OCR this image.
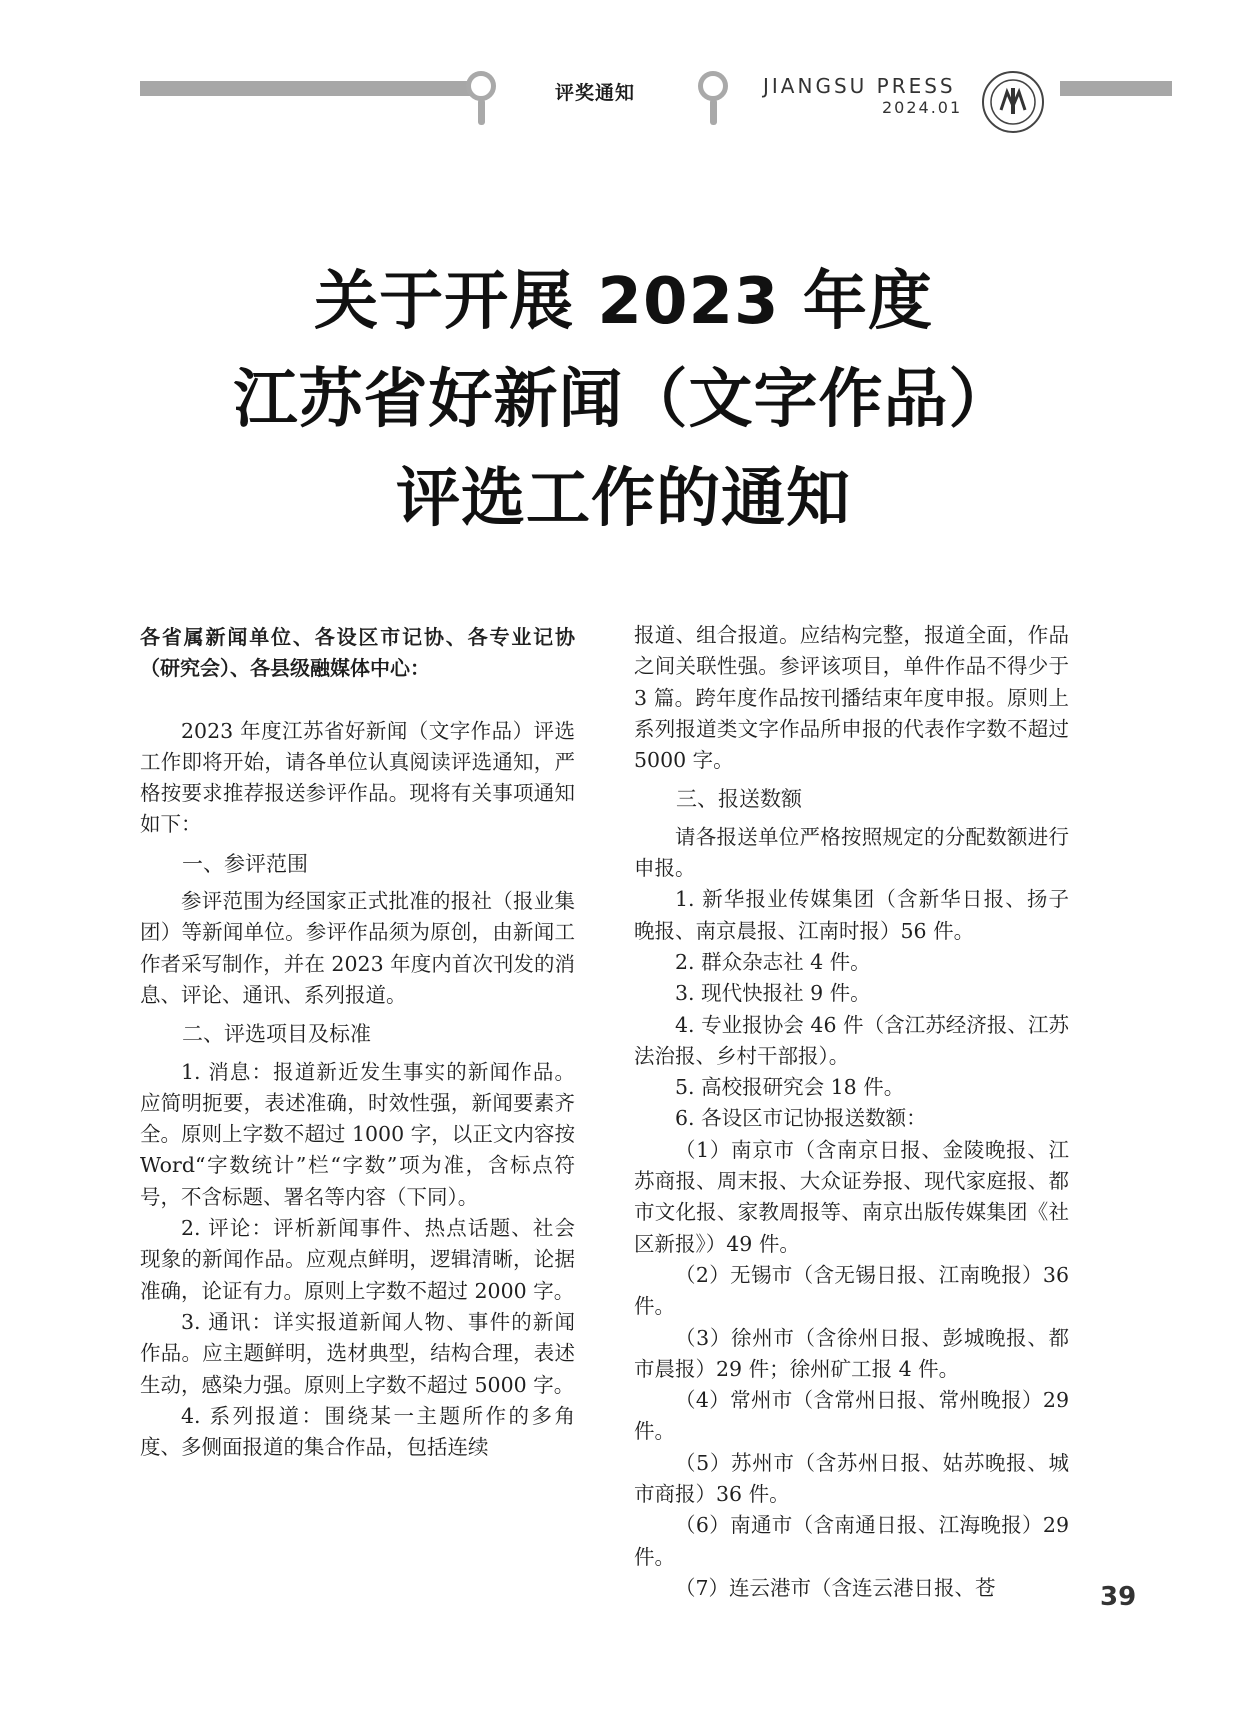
评奖通知	JIANGSU PRESS
2024.01
关于开展 2023 年度
江苏省好新闻（文字作品）
评选工作的通知

各省属新闻单位、各设区市记协、各专业记协（研究会）、各县级融媒体中心：

2023 年度江苏省好新闻（文字作品）评选工作即将开始，请各单位认真阅读评选通知，严格按要求推荐报送参评作品。现将有关事项通知如下：

一、参评范围

参评范围为经国家正式批准的报社（报业集团）等新闻单位。参评作品须为原创，由新闻工作者采写制作，并在 2023 年度内首次刊发的消息、评论、通讯、系列报道。

二、评选项目及标准

1. 消息：报道新近发生事实的新闻作品。应简明扼要，表述准确，时效性强，新闻要素齐全。原则上字数不超过 1000 字，以正文内容按 Word“字数统计”栏“字数”项为准，含标点符号，不含标题、署名等内容（下同）。

2. 评论：评析新闻事件、热点话题、社会现象的新闻作品。应观点鲜明，逻辑清晰，论据准确，论证有力。原则上字数不超过 2000 字。

3. 通讯：详实报道新闻人物、事件的新闻作品。应主题鲜明，选材典型，结构合理，表述生动，感染力强。原则上字数不超过 5000 字。

4. 系列报道：围绕某一主题所作的多角度、多侧面报道的集合作品，包括连续

报道、组合报道。应结构完整，报道全面，作品之间关联性强。参评该项目，单件作品不得少于 3 篇。跨年度作品按刊播结束年度申报。原则上系列报道类文字作品所申报的代表作字数不超过 5000 字。

三、报送数额

请各报送单位严格按照规定的分配数额进行申报。

1. 新华报业传媒集团（含新华日报、扬子晚报、南京晨报、江南时报）56 件。

2. 群众杂志社 4 件。

3. 现代快报社 9 件。

4. 专业报协会 46 件（含江苏经济报、江苏法治报、乡村干部报）。

5. 高校报研究会 18 件。

6. 各设区市记协报送数额：

（1）南京市（含南京日报、金陵晚报、江苏商报、周末报、大众证券报、现代家庭报、都市文化报、家教周报等、南京出版传媒集团《社区新报》）49 件。

（2）无锡市（含无锡日报、江南晚报）36 件。

（3）徐州市（含徐州日报、彭城晚报、都市晨报）29 件；徐州矿工报 4 件。

（4）常州市（含常州日报、常州晚报）29 件。

（5）苏州市（含苏州日报、姑苏晚报、城市商报）36 件。

（6）南通市（含南通日报、江海晚报）29 件。

（7）连云港市（含连云港日报、苍	39
